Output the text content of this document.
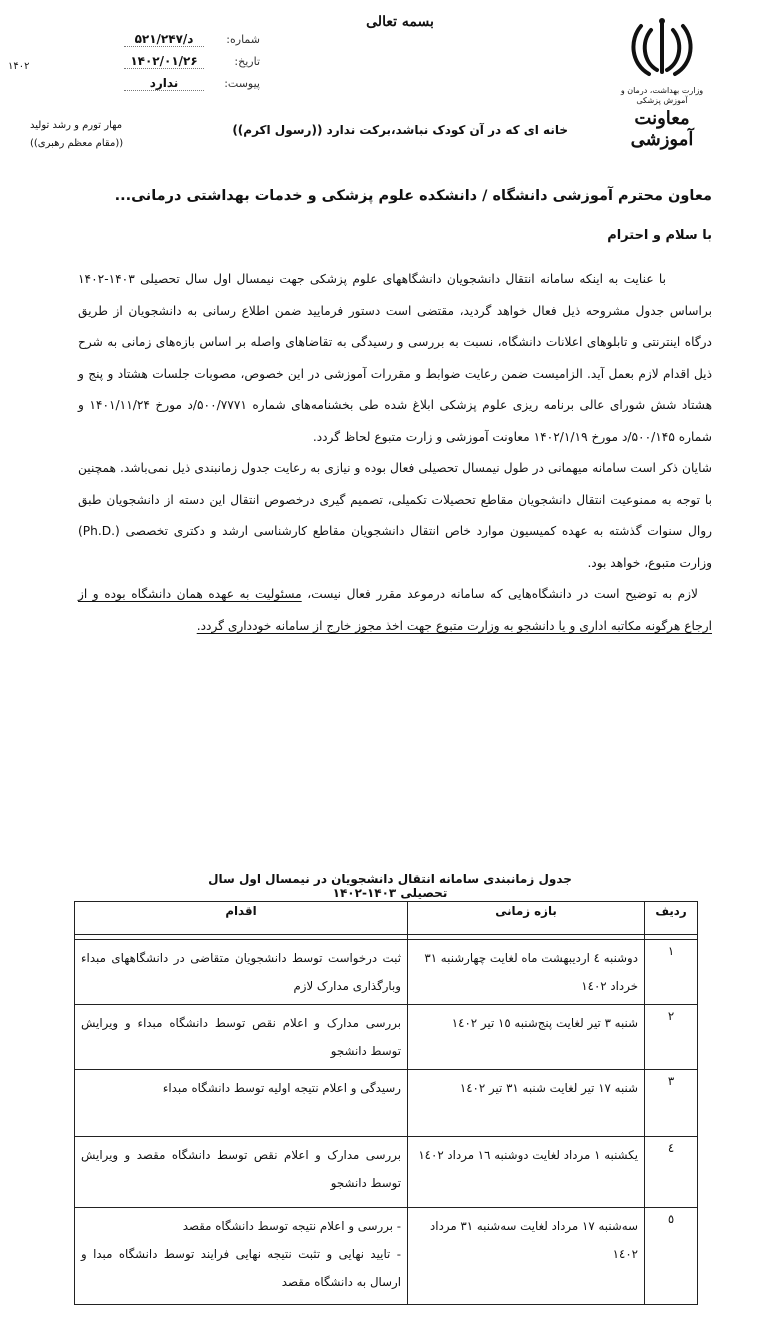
وزارت بهداشت، درمان و آموزش پزشکی
معاونت آموزشی
بسمه تعالی
شماره:
د/۵۲۱/۲۴۷
تاریخ:
۱۴۰۲/۰۱/۲۶
پیوست:
ندارد
۱۴۰۲
خانه ای که در آن کودک نباشد،برکت ندارد ((رسول اکرم))
مهار تورم و رشد تولید
((مقام معظم رهبری))
معاون محترم آموزشی دانشگاه / دانشکده علوم پزشکی و خدمات بهداشتی درمانی...
با سلام و احترام

با عنایت به اینکه سامانه انتقال دانشجویان دانشگاههای علوم پزشکی جهت نیمسال اول سال تحصیلی ۱۴۰۳-۱۴۰۲ براساس جدول مشروحه ذیل فعال خواهد گردید، مقتضی است دستور فرمایید ضمن اطلاع رسانی به دانشجویان از طریق درگاه اینترنتی و تابلوهای اعلانات دانشگاه، نسبت به بررسی و رسیدگی به تقاضاهای واصله بر اساس بازه‌های زمانی به شرح ذیل اقدام لازم بعمل آید. الزامیست ضمن رعایت ضوابط و مقررات آموزشی در این خصوص، مصوبات جلسات هشتاد و پنج و هشتاد شش شورای عالی برنامه ریزی علوم پزشکی ابلاغ شده طی بخشنامه‌های شماره ۵۰۰/۷۷۷۱/د مورخ ۱۴۰۱/۱۱/۲۴ و شماره ۵۰۰/۱۴۵/د مورخ ۱۴۰۲/۱/۱۹ معاونت آموزشی و زارت متبوع لحاظ گردد.

شایان ذکر است سامانه میهمانی در طول نیمسال تحصیلی فعال بوده و نیازی به رعایت جدول زمانبندی ذیل نمی‌باشد. همچنین با توجه به ممنوعیت انتقال دانشجویان مقاطع تحصیلات تکمیلی، تصمیم گیری درخصوص انتقال این دسته از دانشجویان طبق روال سنوات گذشته به عهده کمیسیون موارد خاص انتقال دانشجویان مقاطع کارشناسی ارشد و دکتری تخصصی (.Ph.D) وزارت متبوع، خواهد بود.

لازم به توضیح است در دانشگاه‌هایی که سامانه درموعد مقرر فعال نیست، مسئولیت به عهده همان دانشگاه بوده و از ارجاع هرگونه مکاتبه اداری و یا دانشجو به وزارت متبوع جهت اخذ مجوز خارج از سامانه خودداری گردد.

جدول زمانبندی سامانه انتقال دانشجویان در نیمسال اول سال تحصیلی ۱۴۰۳-۱۴۰۲
ردیف	بازه زمانی	اقدام

۱	دوشنبه ٤ اردیبهشت ماه لغایت چهارشنبه ۳۱ خرداد ۱٤۰۲	ثبت درخواست توسط دانشجویان متقاضی در دانشگاههای مبداء وبارگذاری مدارک لازم
۲	شنبه ۳ تیر لغایت پنج‌شنبه ۱٥ تیر ۱٤۰۲	بررسی مدارک و اعلام نقص توسط دانشگاه مبداء و ویرایش توسط دانشجو
۳	شنبه ۱۷ تیر لغایت شنبه ۳۱ تیر ۱٤۰۲	رسیدگی و اعلام نتیجه اولیه توسط دانشگاه مبداء
٤	یکشنبه ۱ مرداد لغایت دوشنبه ۱٦ مرداد ۱٤۰۲	بررسی مدارک و اعلام نقص توسط دانشگاه مقصد و ویرایش توسط دانشجو
٥	سه‌شنبه ۱۷ مرداد لغایت سه‌شنبه ۳۱ مرداد ۱٤۰۲	- بررسی و اعلام نتیجه توسط دانشگاه مقصد
- تایید نهایی و تثبت نتیجه نهایی فرایند توسط دانشگاه مبدا و ارسال به دانشگاه مقصد
